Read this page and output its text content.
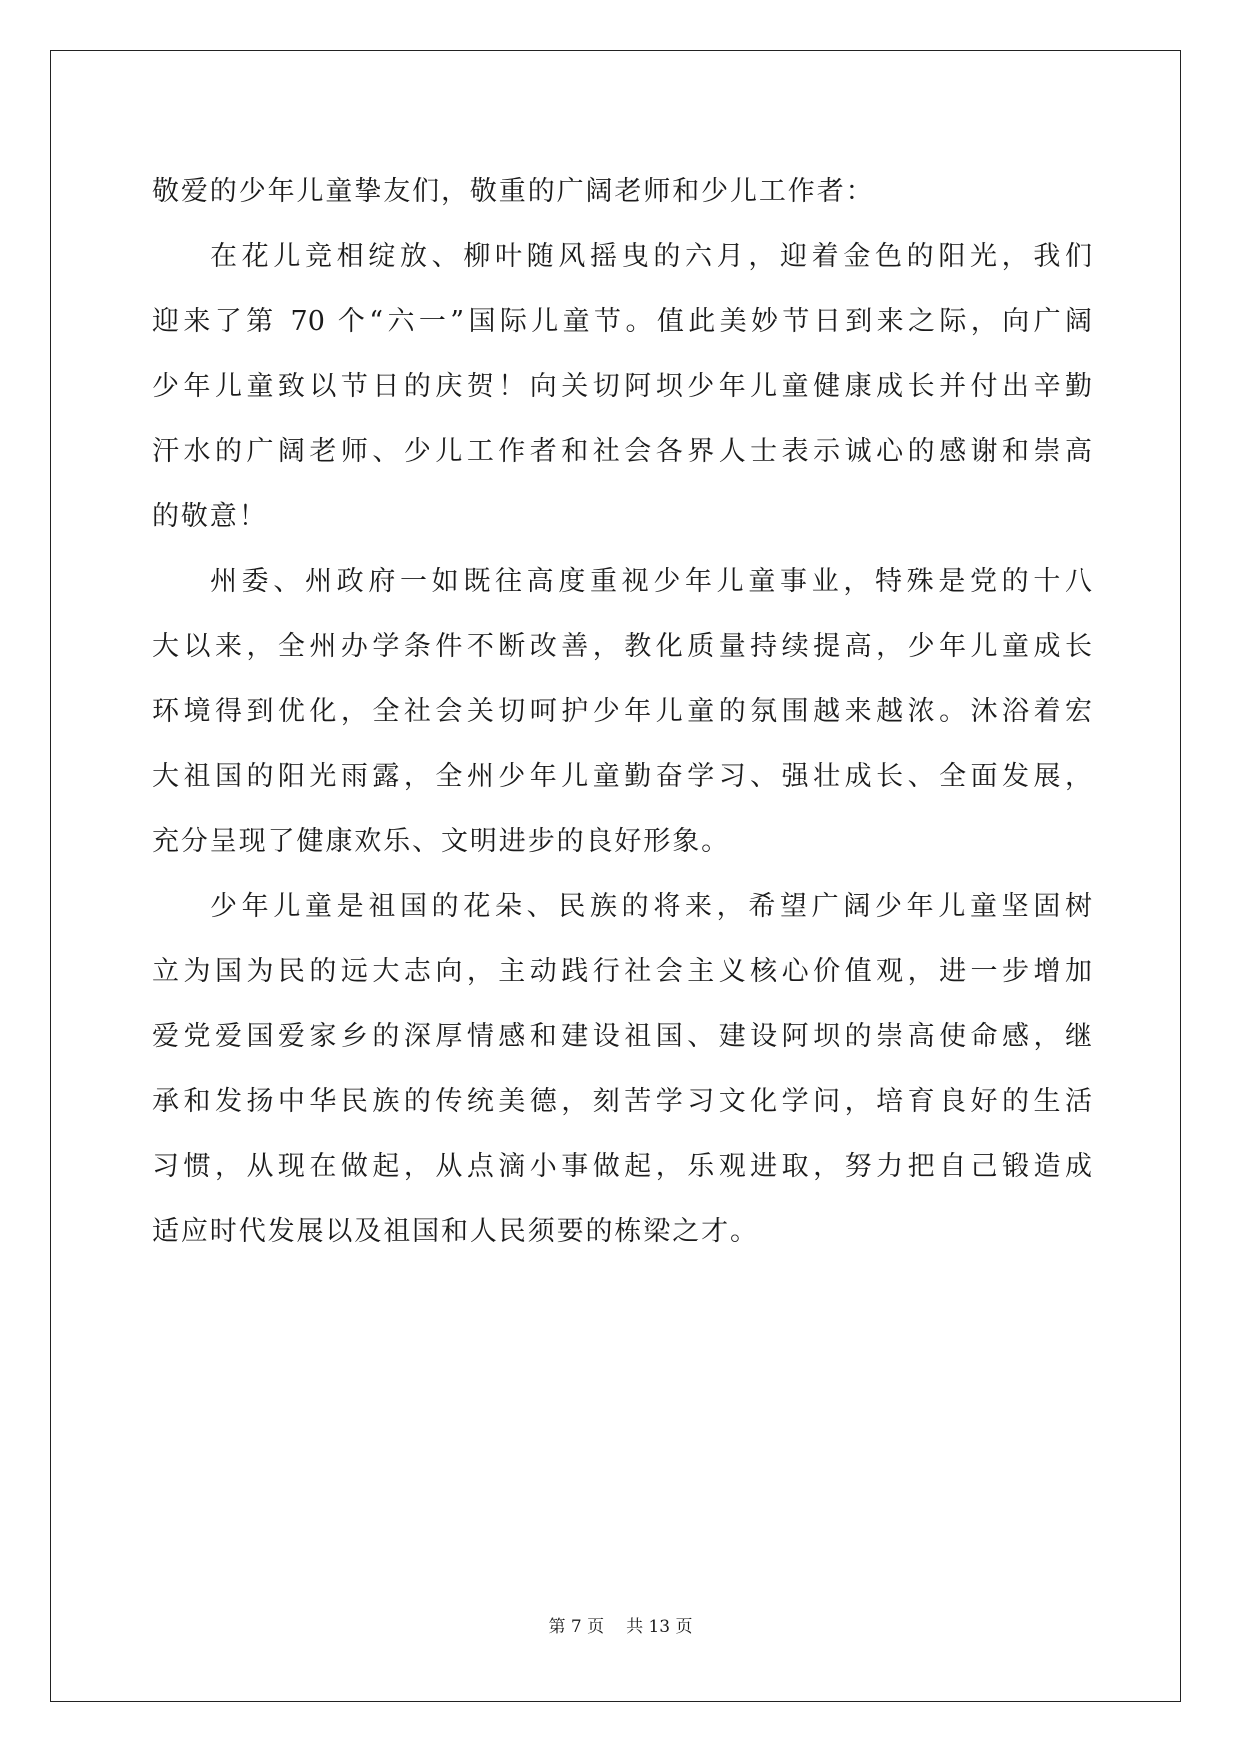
敬爱的少年儿童挚友们，敬重的广阔老师和少儿工作者：
在花儿竞相绽放、柳叶随风摇曳的六月，迎着金色的阳光，我们
迎来了第 70 个“六一”国际儿童节。值此美妙节日到来之际，向广阔
少年儿童致以节日的庆贺！向关切阿坝少年儿童健康成长并付出辛勤
汗水的广阔老师、少儿工作者和社会各界人士表示诚心的感谢和崇高
的敬意！
州委、州政府一如既往高度重视少年儿童事业，特殊是党的十八
大以来，全州办学条件不断改善，教化质量持续提高，少年儿童成长
环境得到优化，全社会关切呵护少年儿童的氛围越来越浓。沐浴着宏
大祖国的阳光雨露，全州少年儿童勤奋学习、强壮成长、全面发展，
充分呈现了健康欢乐、文明进步的良好形象。
少年儿童是祖国的花朵、民族的将来，希望广阔少年儿童坚固树
立为国为民的远大志向，主动践行社会主义核心价值观，进一步增加
爱党爱国爱家乡的深厚情感和建设祖国、建设阿坝的崇高使命感，继
承和发扬中华民族的传统美德，刻苦学习文化学问，培育良好的生活
习惯，从现在做起，从点滴小事做起，乐观进取，努力把自己锻造成
适应时代发展以及祖国和人民须要的栋梁之才。
第 7 页 共 13 页
